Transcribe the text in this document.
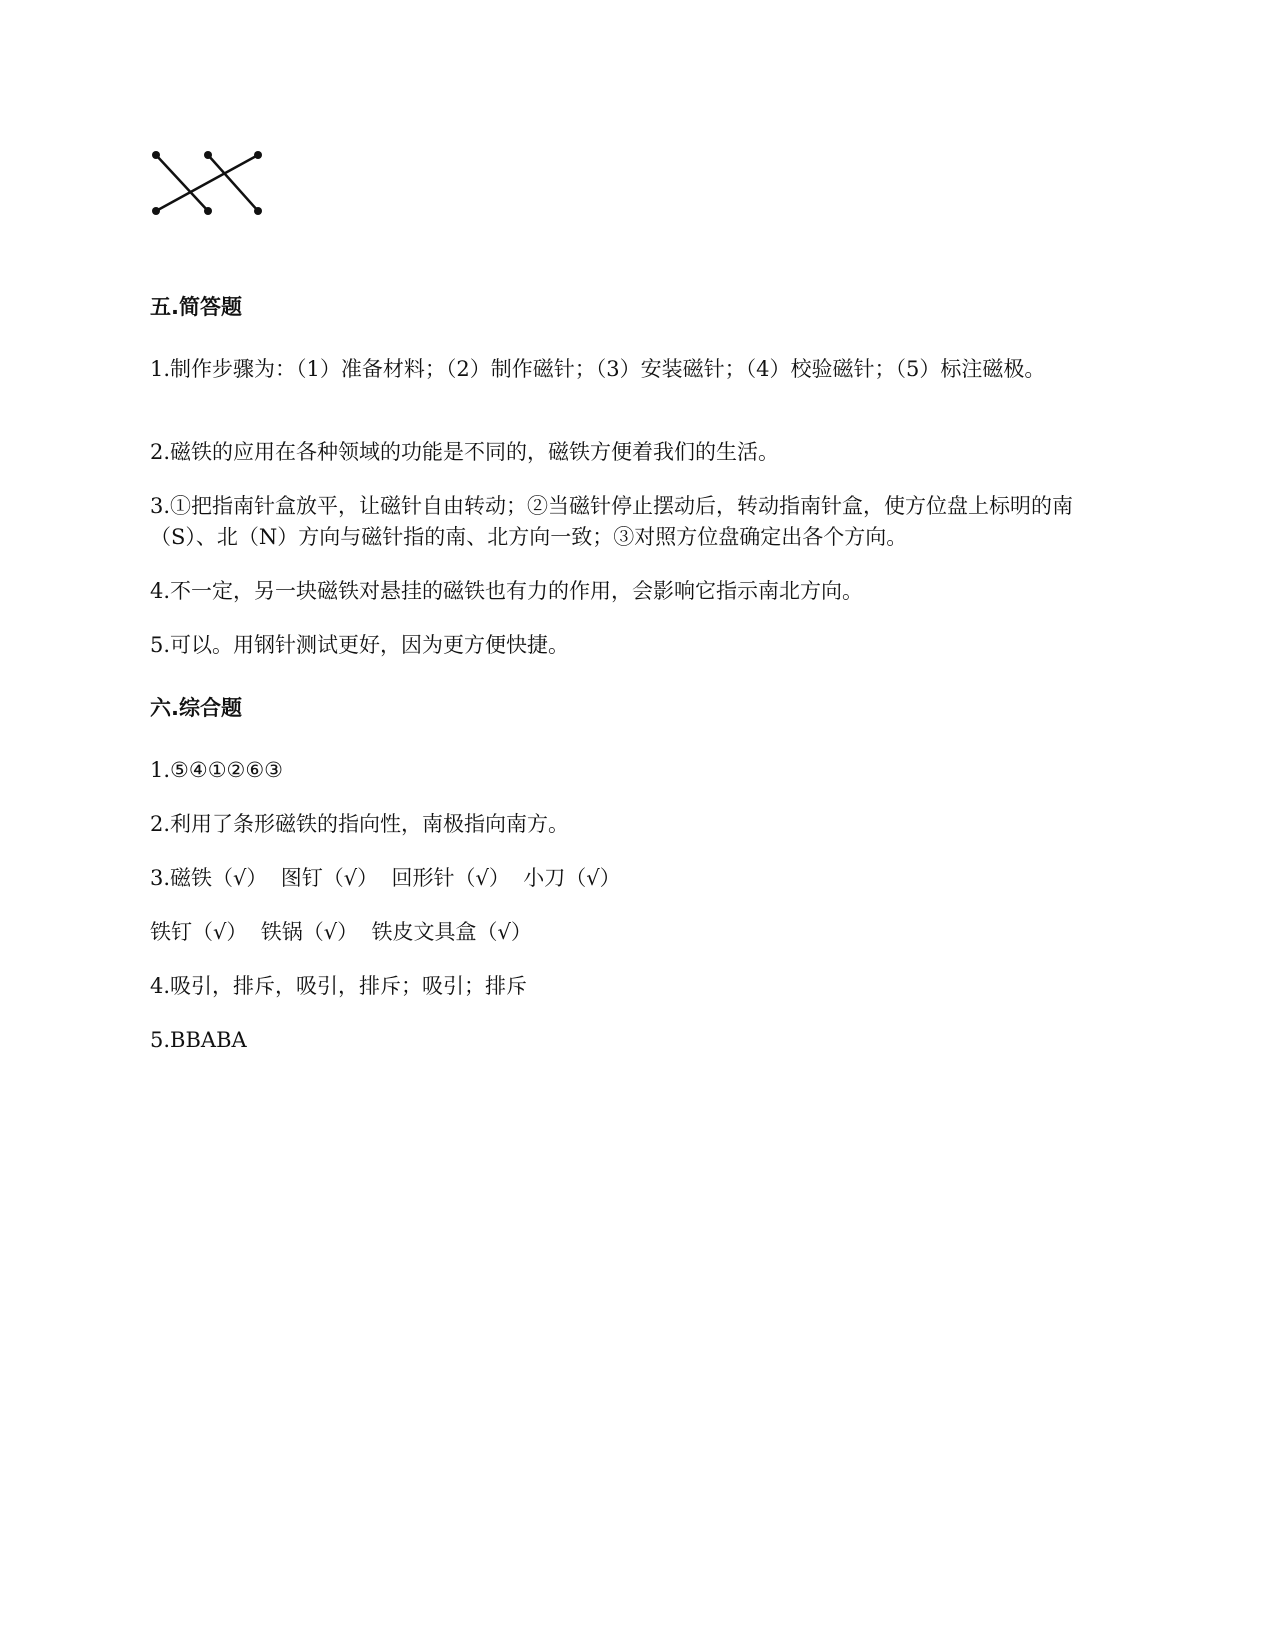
五.简答题

1.制作步骤为：（1）准备材料；（2）制作磁针；（3）安装磁针；（4）校验磁针；（5）标注磁极。

2.磁铁的应用在各种领域的功能是不同的，磁铁方便着我们的生活。

3.①把指南针盒放平，让磁针自由转动；②当磁针停止摆动后，转动指南针盒，使方位盘上标明的南（S）、北（N）方向与磁针指的南、北方向一致；③对照方位盘确定出各个方向。

4.不一定，另一块磁铁对悬挂的磁铁也有力的作用，会影响它指示南北方向。

5.可以。用钢针测试更好，因为更方便快捷。

六.综合题

1.⑤④①②⑥③

2.利用了条形磁铁的指向性，南极指向南方。

3.磁铁（√）  图钉（√）  回形针（√）  小刀（√）

铁钉（√）  铁锅（√）  铁皮文具盒（√）

4.吸引，排斥，吸引，排斥；吸引；排斥

5.BBABA
